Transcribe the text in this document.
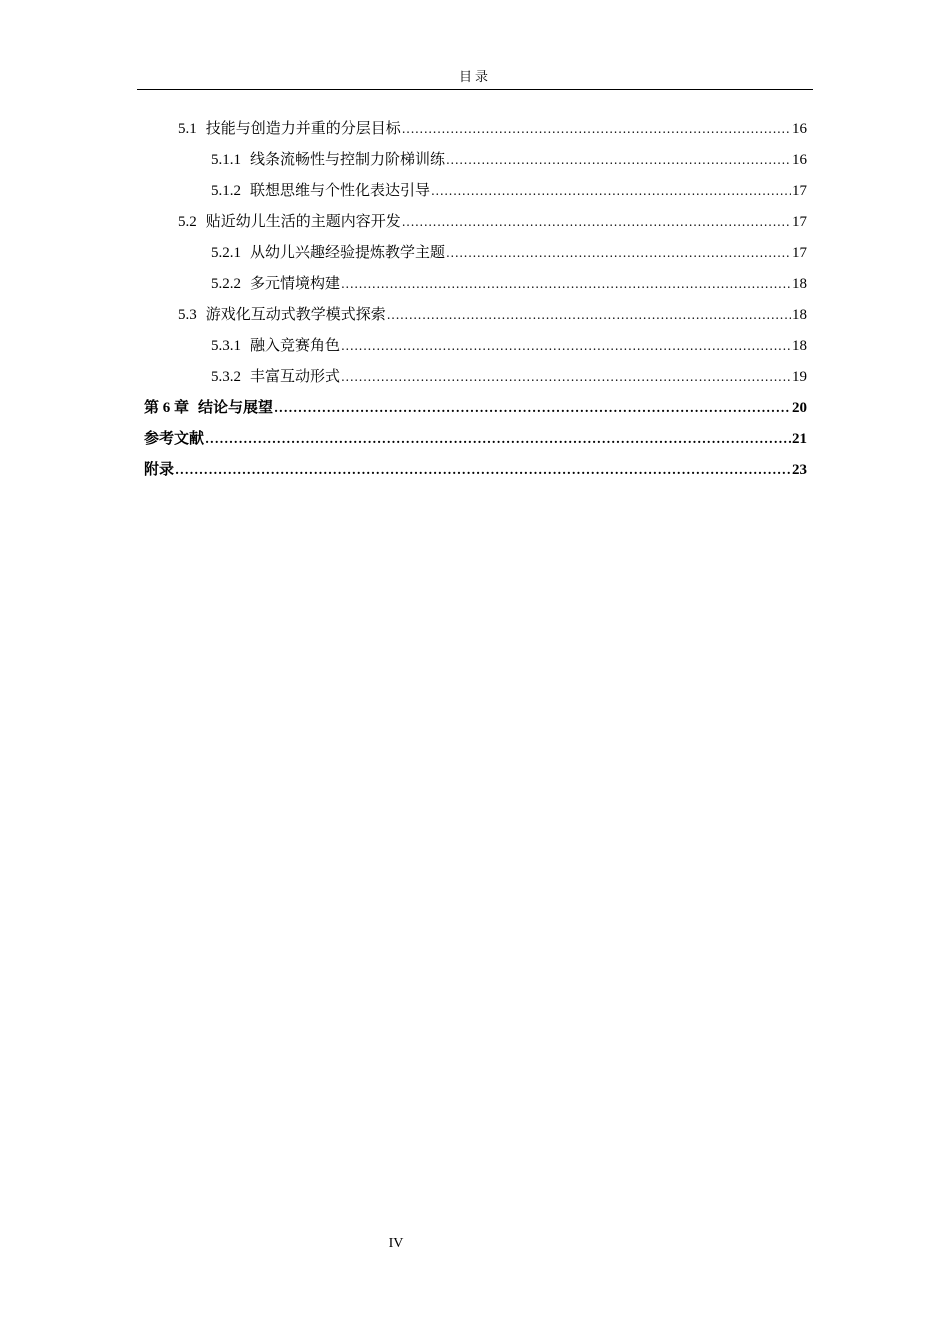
目录
5.1 技能与创造力并重的分层目标 .....	16
5.1.1 线条流畅性与控制力阶梯训练 .....	16
5.1.2 联想思维与个性化表达引导 .....	17
5.2 贴近幼儿生活的主题内容开发 .....	17
5.2.1 从幼儿兴趣经验提炼教学主题 .....	17
5.2.2 多元情境构建 .....	18
5.3 游戏化互动式教学模式探索 .....	18
5.3.1 融入竞赛角色 .....	18
5.3.2 丰富互动形式 .....	19
第 6 章 结论与展望 .....	20
参考文献 .....	21
附录 .....	23
IV
